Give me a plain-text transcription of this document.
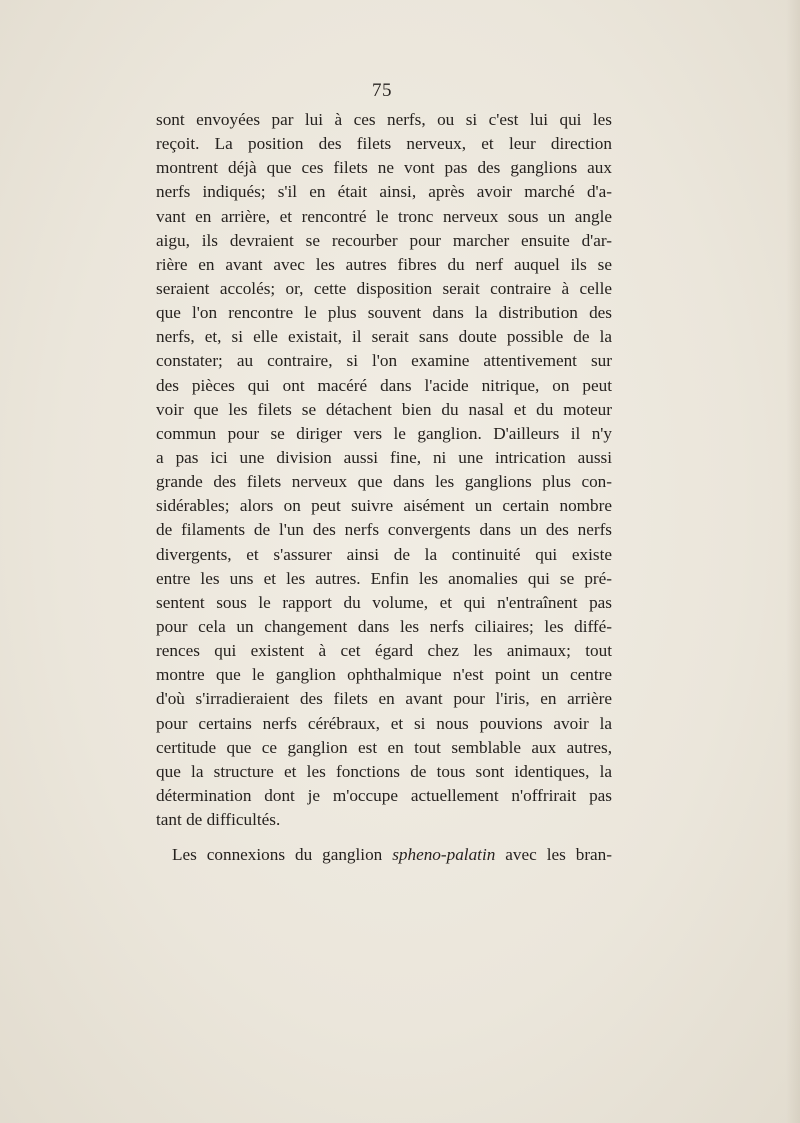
75
sont envoyées par lui à ces nerfs, ou si c'est lui qui les
reçoit. La position des filets nerveux, et leur direction
montrent déjà que ces filets ne vont pas des ganglions aux
nerfs indiqués; s'il en était ainsi, après avoir marché d'a-
vant en arrière, et rencontré le tronc nerveux sous un angle
aigu, ils devraient se recourber pour marcher ensuite d'ar-
rière en avant avec les autres fibres du nerf auquel ils se
seraient accolés; or, cette disposition serait contraire à celle
que l'on rencontre le plus souvent dans la distribution des
nerfs, et, si elle existait, il serait sans doute possible de la
constater; au contraire, si l'on examine attentivement sur
des pièces qui ont macéré dans l'acide nitrique, on peut
voir que les filets se détachent bien du nasal et du moteur
commun pour se diriger vers le ganglion. D'ailleurs il n'y
a pas ici une division aussi fine, ni une intrication aussi
grande des filets nerveux que dans les ganglions plus con-
sidérables; alors on peut suivre aisément un certain nombre
de filaments de l'un des nerfs convergents dans un des nerfs
divergents, et s'assurer ainsi de la continuité qui existe
entre les uns et les autres. Enfin les anomalies qui se pré-
sentent sous le rapport du volume, et qui n'entraînent pas
pour cela un changement dans les nerfs ciliaires; les diffé-
rences qui existent à cet égard chez les animaux; tout
montre que le ganglion ophthalmique n'est point un centre
d'où s'irradieraient des filets en avant pour l'iris, en arrière
pour certains nerfs cérébraux, et si nous pouvions avoir la
certitude que ce ganglion est en tout semblable aux autres,
que la structure et les fonctions de tous sont identiques, la
détermination dont je m'occupe actuellement n'offrirait pas
tant de difficultés.
Les connexions du ganglion spheno-palatin avec les bran-
